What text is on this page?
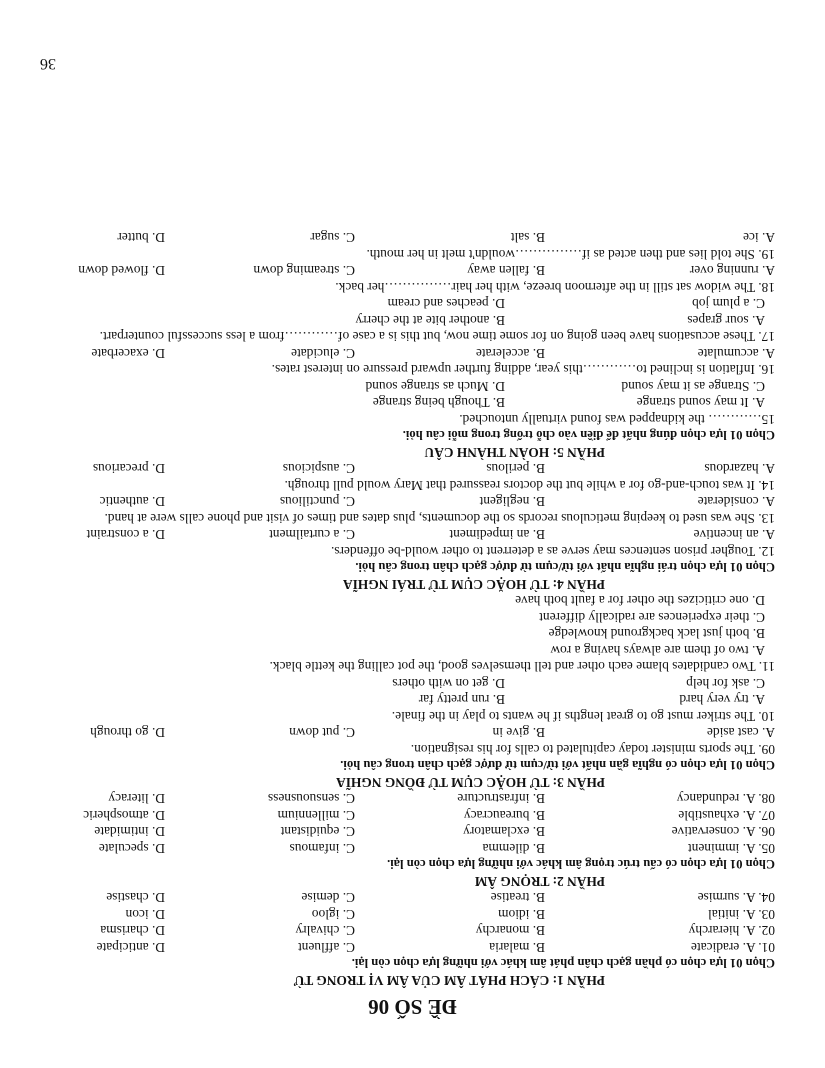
ĐỀ SỐ 06
PHẦN 1: CÁCH PHÁT ÂM CỦA ÂM VỊ TRONG TỪ
Chọn 01 lựa chọn có phần gạch chân phát âm khác với những lựa chọn còn lại.
01. A. eradicate
B. malaria
C. affluent
D. anticipate
02. A. hierarchy
B. monarchy
C. chivalry
D. charisma
03. A. initial
B. idiom
C. igloo
D. icon
04. A. surmise
B. treatise
C. demise
D. chastise
PHẦN 2: TRỌNG ÂM
Chọn 01 lựa chọn có cấu trúc trọng âm khác với những lựa chọn còn lại.
05. A. imminent
B. dilemma
C. infamous
D. speculate
06. A. conservative
B. exclamatory
C. equidistant
D. intimidate
07. A. exhaustible
B. bureaucracy
C. millennium
D. atmospheric
08. A. redundancy
B. infrastructure
C. sensuousness
D. literacy
PHẦN 3: TỪ HOẶC CỤM TỪ ĐỒNG NGHĨA
Chọn 01 lựa chọn có nghĩa gần nhất với từ/cụm từ được gạch chân trong câu hỏi.
09. The sports minister today capitulated to calls for his resignation.
A. cast aside
B. give in
C. put down
D. go through
10. The striker must go to great lengths if he wants to play in the finale.
A. try very hard
B. run pretty far
C. ask for help
D. get on with others
11. Two candidates blame each other and tell themselves good, the pot calling the kettle black.
A. two of them are always having a row
B. both just lack background knowledge
C. their experiences are radically different
D. one criticizes the other for a fault both have
PHẦN 4: TỪ HOẶC CỤM TỪ TRÁI NGHĨA
Chọn 01 lựa chọn trái nghĩa nhất với từ/cụm từ được gạch chân trong câu hỏi.
12. Tougher prison sentences may serve as a deterrent to other would-be offenders.
A. an incentive
B. an impediment
C. a curtailment
D. a constraint
13. She was used to keeping meticulous records so the documents, plus dates and times of visit and phone calls were at hand.
A. considerate
B. negligent
C. punctilious
D. authentic
14. It was touch-and-go for a while but the doctors reassured that Mary would pull through.
A. hazardous
B. perilous
C. auspicious
D. precarious
PHẦN 5: HOÀN THÀNH CÂU
Chọn 01 lựa chọn đúng nhất để điền vào chỗ trống trong mỗi câu hỏi.
15………… the kidnapped was found virtually untouched.
A. It may sound strange
B. Though being strange
C. Strange as it may sound
D. Much as strange sound
16. Inflation is inclined to…………this year, adding further upward pressure on interest rates.
A. accumulate
B. accelerate
C. elucidate
D. exacerbate
17. These accusations have been going on for some time now, but this is a case of…………from a less successful counterpart.
A. sour grapes
B. another bite at the cherry
C. a plum job
D. peaches and cream
18. The widow sat still in the afternoon breeze, with her hair……………her back.
A. running over
B. fallen away
C. streaming down
D. flowed down
19. She told lies and then acted as if……………wouldn't melt in her mouth.
A. ice
B. salt
C. sugar
D. butter
36
